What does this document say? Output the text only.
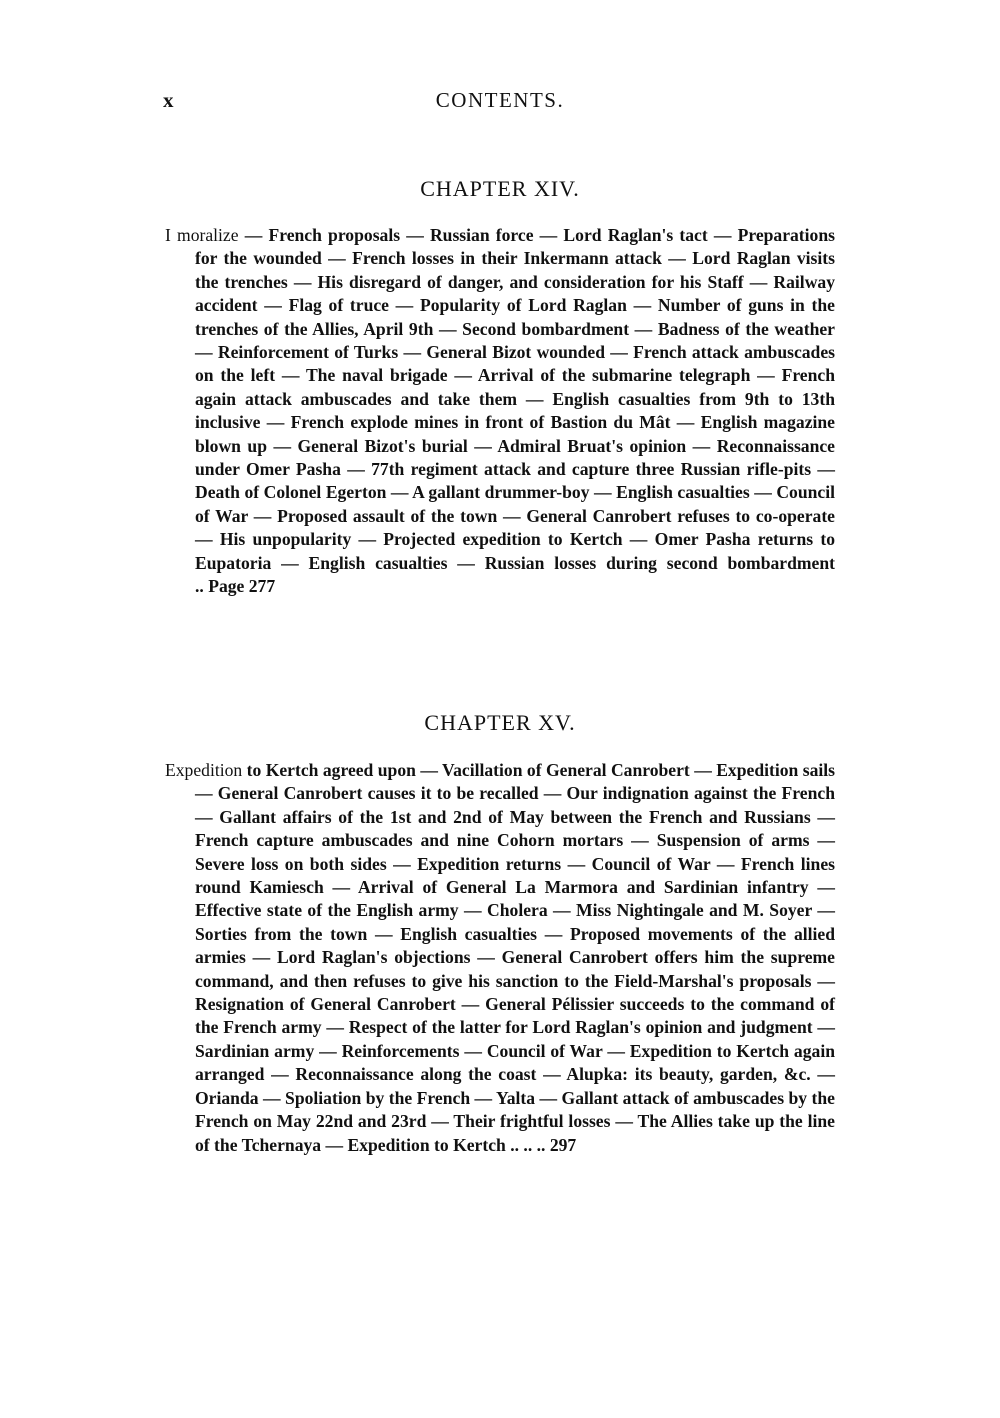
x	CONTENTS.
CHAPTER XIV.

I moralize — French proposals — Russian force — Lord Raglan's tact — Preparations for the wounded — French losses in their Inkermann attack — Lord Raglan visits the trenches — His disregard of danger, and consideration for his Staff — Railway accident — Flag of truce — Popularity of Lord Raglan — Number of guns in the trenches of the Allies, April 9th — Second bombardment — Badness of the weather — Reinforcement of Turks — General Bizot wounded — French attack ambuscades on the left — The naval brigade — Arrival of the submarine telegraph — French again attack ambuscades and take them — English casualties from 9th to 13th inclusive — French explode mines in front of Bastion du Mât — English magazine blown up — General Bizot's burial — Admiral Bruat's opinion — Reconnaissance under Omer Pasha — 77th regiment attack and capture three Russian rifle-pits — Death of Colonel Egerton — A gallant drummer-boy — English casualties — Council of War — Proposed assault of the town — General Canrobert refuses to co-operate — His unpopularity — Projected expedition to Kertch — Omer Pasha returns to Eupatoria — English casualties — Russian losses during second bombardment .. Page 277

CHAPTER XV.

Expedition to Kertch agreed upon — Vacillation of General Canrobert — Expedition sails — General Canrobert causes it to be recalled — Our indignation against the French — Gallant affairs of the 1st and 2nd of May between the French and Russians — French capture ambuscades and nine Cohorn mortars — Suspension of arms — Severe loss on both sides — Expedition returns — Council of War — French lines round Kamiesch — Arrival of General La Marmora and Sardinian infantry — Effective state of the English army — Cholera — Miss Nightingale and M. Soyer — Sorties from the town — English casualties — Proposed movements of the allied armies — Lord Raglan's objections — General Canrobert offers him the supreme command, and then refuses to give his sanction to the Field-Marshal's proposals — Resignation of General Canrobert — General Pélissier succeeds to the command of the French army — Respect of the latter for Lord Raglan's opinion and judgment — Sardinian army — Reinforcements — Council of War — Expedition to Kertch again arranged — Reconnaissance along the coast — Alupka: its beauty, garden, &c. — Orianda — Spoliation by the French — Yalta — Gallant attack of ambuscades by the French on May 22nd and 23rd — Their frightful losses — The Allies take up the line of the Tchernaya — Expedition to Kertch .. .. .. 297
